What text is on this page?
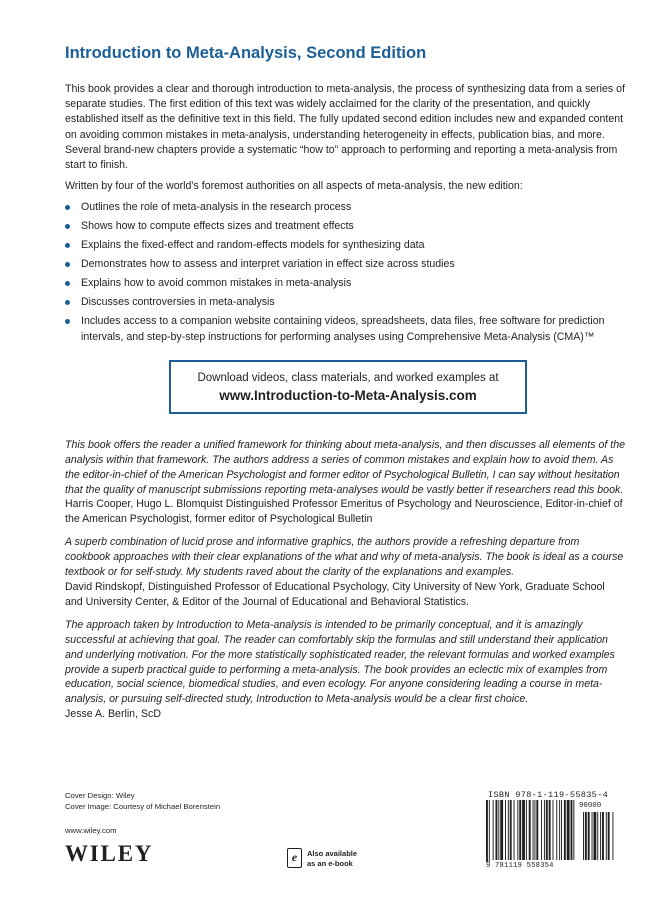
Introduction to Meta-Analysis, Second Edition

This book provides a clear and thorough introduction to meta-analysis, the process of synthesizing data from a series of separate studies. The first edition of this text was widely acclaimed for the clarity of the presentation, and quickly established itself as the definitive text in this field. The fully updated second edition includes new and expanded content on avoiding common mistakes in meta-analysis, understanding heterogeneity in effects, publication bias, and more. Several brand-new chapters provide a systematic “how to” approach to performing and reporting a meta-analysis from start to finish.

Written by four of the world’s foremost authorities on all aspects of meta-analysis, the new edition:

Outlines the role of meta-analysis in the research process
Shows how to compute effects sizes and treatment effects
Explains the fixed-effect and random-effects models for synthesizing data
Demonstrates how to assess and interpret variation in effect size across studies
Explains how to avoid common mistakes in meta-analysis
Discusses controversies in meta-analysis
Includes access to a companion website containing videos, spreadsheets, data files, free software for prediction intervals, and step-by-step instructions for performing analyses using Comprehensive Meta-Analysis (CMA)™
Download videos, class materials, and worked examples at
www.Introduction-to-Meta-Analysis.com

This book offers the reader a unified framework for thinking about meta-analysis, and then discusses all elements of the analysis within that framework. The authors address a series of common mistakes and explain how to avoid them. As the editor-in-chief of the American Psychologist and former editor of Psychological Bulletin, I can say without hesitation that the quality of manuscript submissions reporting meta-analyses would be vastly better if researchers read this book.

Harris Cooper, Hugo L. Blomquist Distinguished Professor Emeritus of Psychology and Neuroscience, Editor-in-chief of the American Psychologist, former editor of Psychological Bulletin

A superb combination of lucid prose and informative graphics, the authors provide a refreshing departure from cookbook approaches with their clear explanations of the what and why of meta-analysis. The book is ideal as a course textbook or for self-study. My students raved about the clarity of the explanations and examples.

David Rindskopf, Distinguished Professor of Educational Psychology, City University of New York, Graduate School and University Center, & Editor of the Journal of Educational and Behavioral Statistics.

The approach taken by Introduction to Meta-analysis is intended to be primarily conceptual, and it is amazingly successful at achieving that goal. The reader can comfortably skip the formulas and still understand their application and underlying motivation. For the more statistically sophisticated reader, the relevant formulas and worked examples provide a superb practical guide to performing a meta-analysis. The book provides an eclectic mix of examples from education, social science, biomedical studies, and even ecology. For anyone considering leading a course in meta-analysis, or pursuing self-directed study, Introduction to Meta-analysis would be a clear first choice.

Jesse A. Berlin, ScD

Cover Design: Wiley
Cover Image: Courtesy of Michael Borenstein
www.wiley.com
WILEY	e	Also available
as an e-book
ISBN 978-1-119-55835-4
90000
9 781119 558354
